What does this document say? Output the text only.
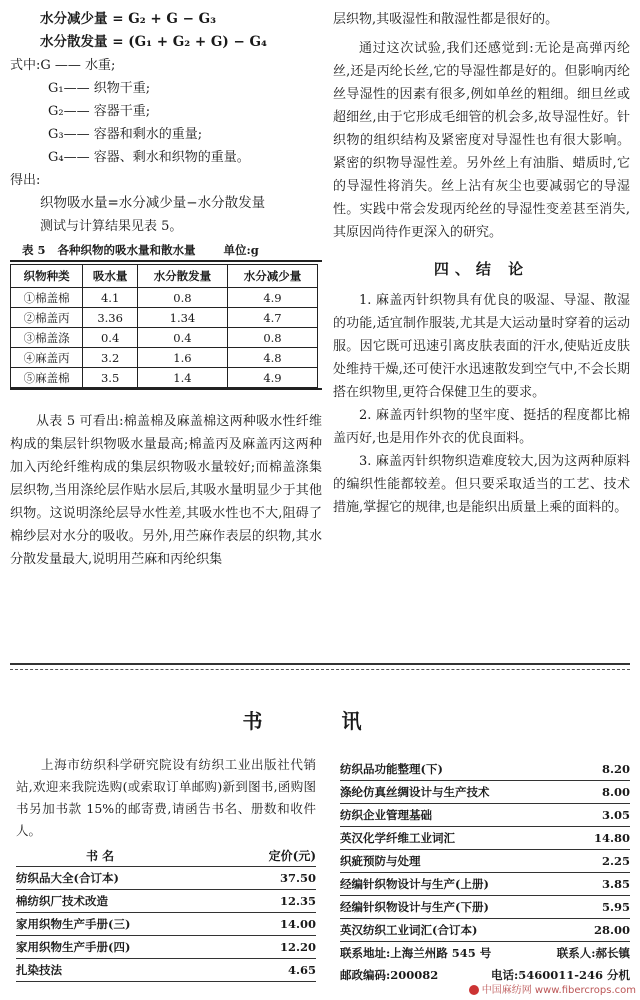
水分减少量 = G₂ + G − G₃
水分散发量 = (G₁ + G₂ + G) − G₄
式中:G —— 水重;
G₁—— 织物干重;
G₂—— 容器干重;
G₃—— 容器和剩水的重量;
G₄—— 容器、剩水和织物的重量。
得出:
织物吸水量=水分减少量−水分散发量
测试与计算结果见表 5。
表 5   各种织物的吸水量和散水量 单位:g
织物种类	吸水量	水分散发量	水分减少量
①棉盖棉	4.1	0.8	4.9
②棉盖丙	3.36	1.34	4.7
③棉盖涤	0.4	0.4	0.8
④麻盖丙	3.2	1.6	4.8
⑤麻盖棉	3.5	1.4	4.9

从表 5 可看出:棉盖棉及麻盖棉这两种吸水性纤维构成的集层针织物吸水量最高;棉盖丙及麻盖丙这两种加入丙纶纤维构成的集层织物吸水量较好;而棉盖涤集层织物,当用涤纶层作贴水层后,其吸水量明显少于其他织物。这说明涤纶层导水性差,其吸水性也不大,阻碍了棉纱层对水分的吸收。另外,用苎麻作表层的织物,其水分散发量最大,说明用苎麻和丙纶织集

层织物,其吸湿性和散湿性都是很好的。

通过这次试验,我们还感觉到:无论是高弹丙纶丝,还是丙纶长丝,它的导湿性都是好的。但影响丙纶丝导湿性的因素有很多,例如单丝的粗细。细旦丝或超细丝,由于它形成毛细管的机会多,故导湿性好。针织物的组织结构及紧密度对导湿性也有很大影响。紧密的织物导湿性差。另外丝上有油脂、蜡质时,它的导湿性将消失。丝上沾有灰尘也要减弱它的导湿性。实践中常会发现丙纶丝的导湿性变差甚至消失,其原因尚待作更深入的研究。

四、结 论

1. 麻盖丙针织物具有优良的吸湿、导湿、散湿的功能,适宜制作服装,尤其是大运动量时穿着的运动服。因它既可迅速引离皮肤表面的汗水,使贴近皮肤处维持干燥,还可使汗水迅速散发到空气中,不会长期搭在织物里,更符合保健卫生的要求。

2. 麻盖丙针织物的坚牢度、挺括的程度都比棉盖丙好,也是用作外衣的优良面料。

3. 麻盖丙针织物织造难度较大,因为这两种原料的编织性能都较差。但只要采取适当的工艺、技术措施,掌握它的规律,也是能织出质量上乘的面料的。

书 讯

上海市纺织科学研究院设有纺织工业出版社代销站,欢迎来我院选购(或索取订单邮购)新到图书,函购图书另加书款 15%的邮寄费,请函告书名、册数和收件人。

书 名	定价(元)
纺织品大全(合订本)	37.50
棉纺织厂技术改造	12.35
家用织物生产手册(三)	14.00
家用织物生产手册(四)	12.20
扎染技法	4.65
纺织品功能整理(下)	8.20
涤纶仿真丝绸设计与生产技术	8.00
纺织企业管理基础	3.05
英汉化学纤维工业词汇	14.80
织疵预防与处理	2.25
经编针织物设计与生产(上册)	3.85
经编针织物设计与生产(下册)	5.95
英汉纺织工业词汇(合订本)	28.00
联系地址:上海兰州路 545 号	联系人:郝长镇
邮政编码:200082	电话:5460011-246 分机
中国麻纺网 www.fibercrops.com
